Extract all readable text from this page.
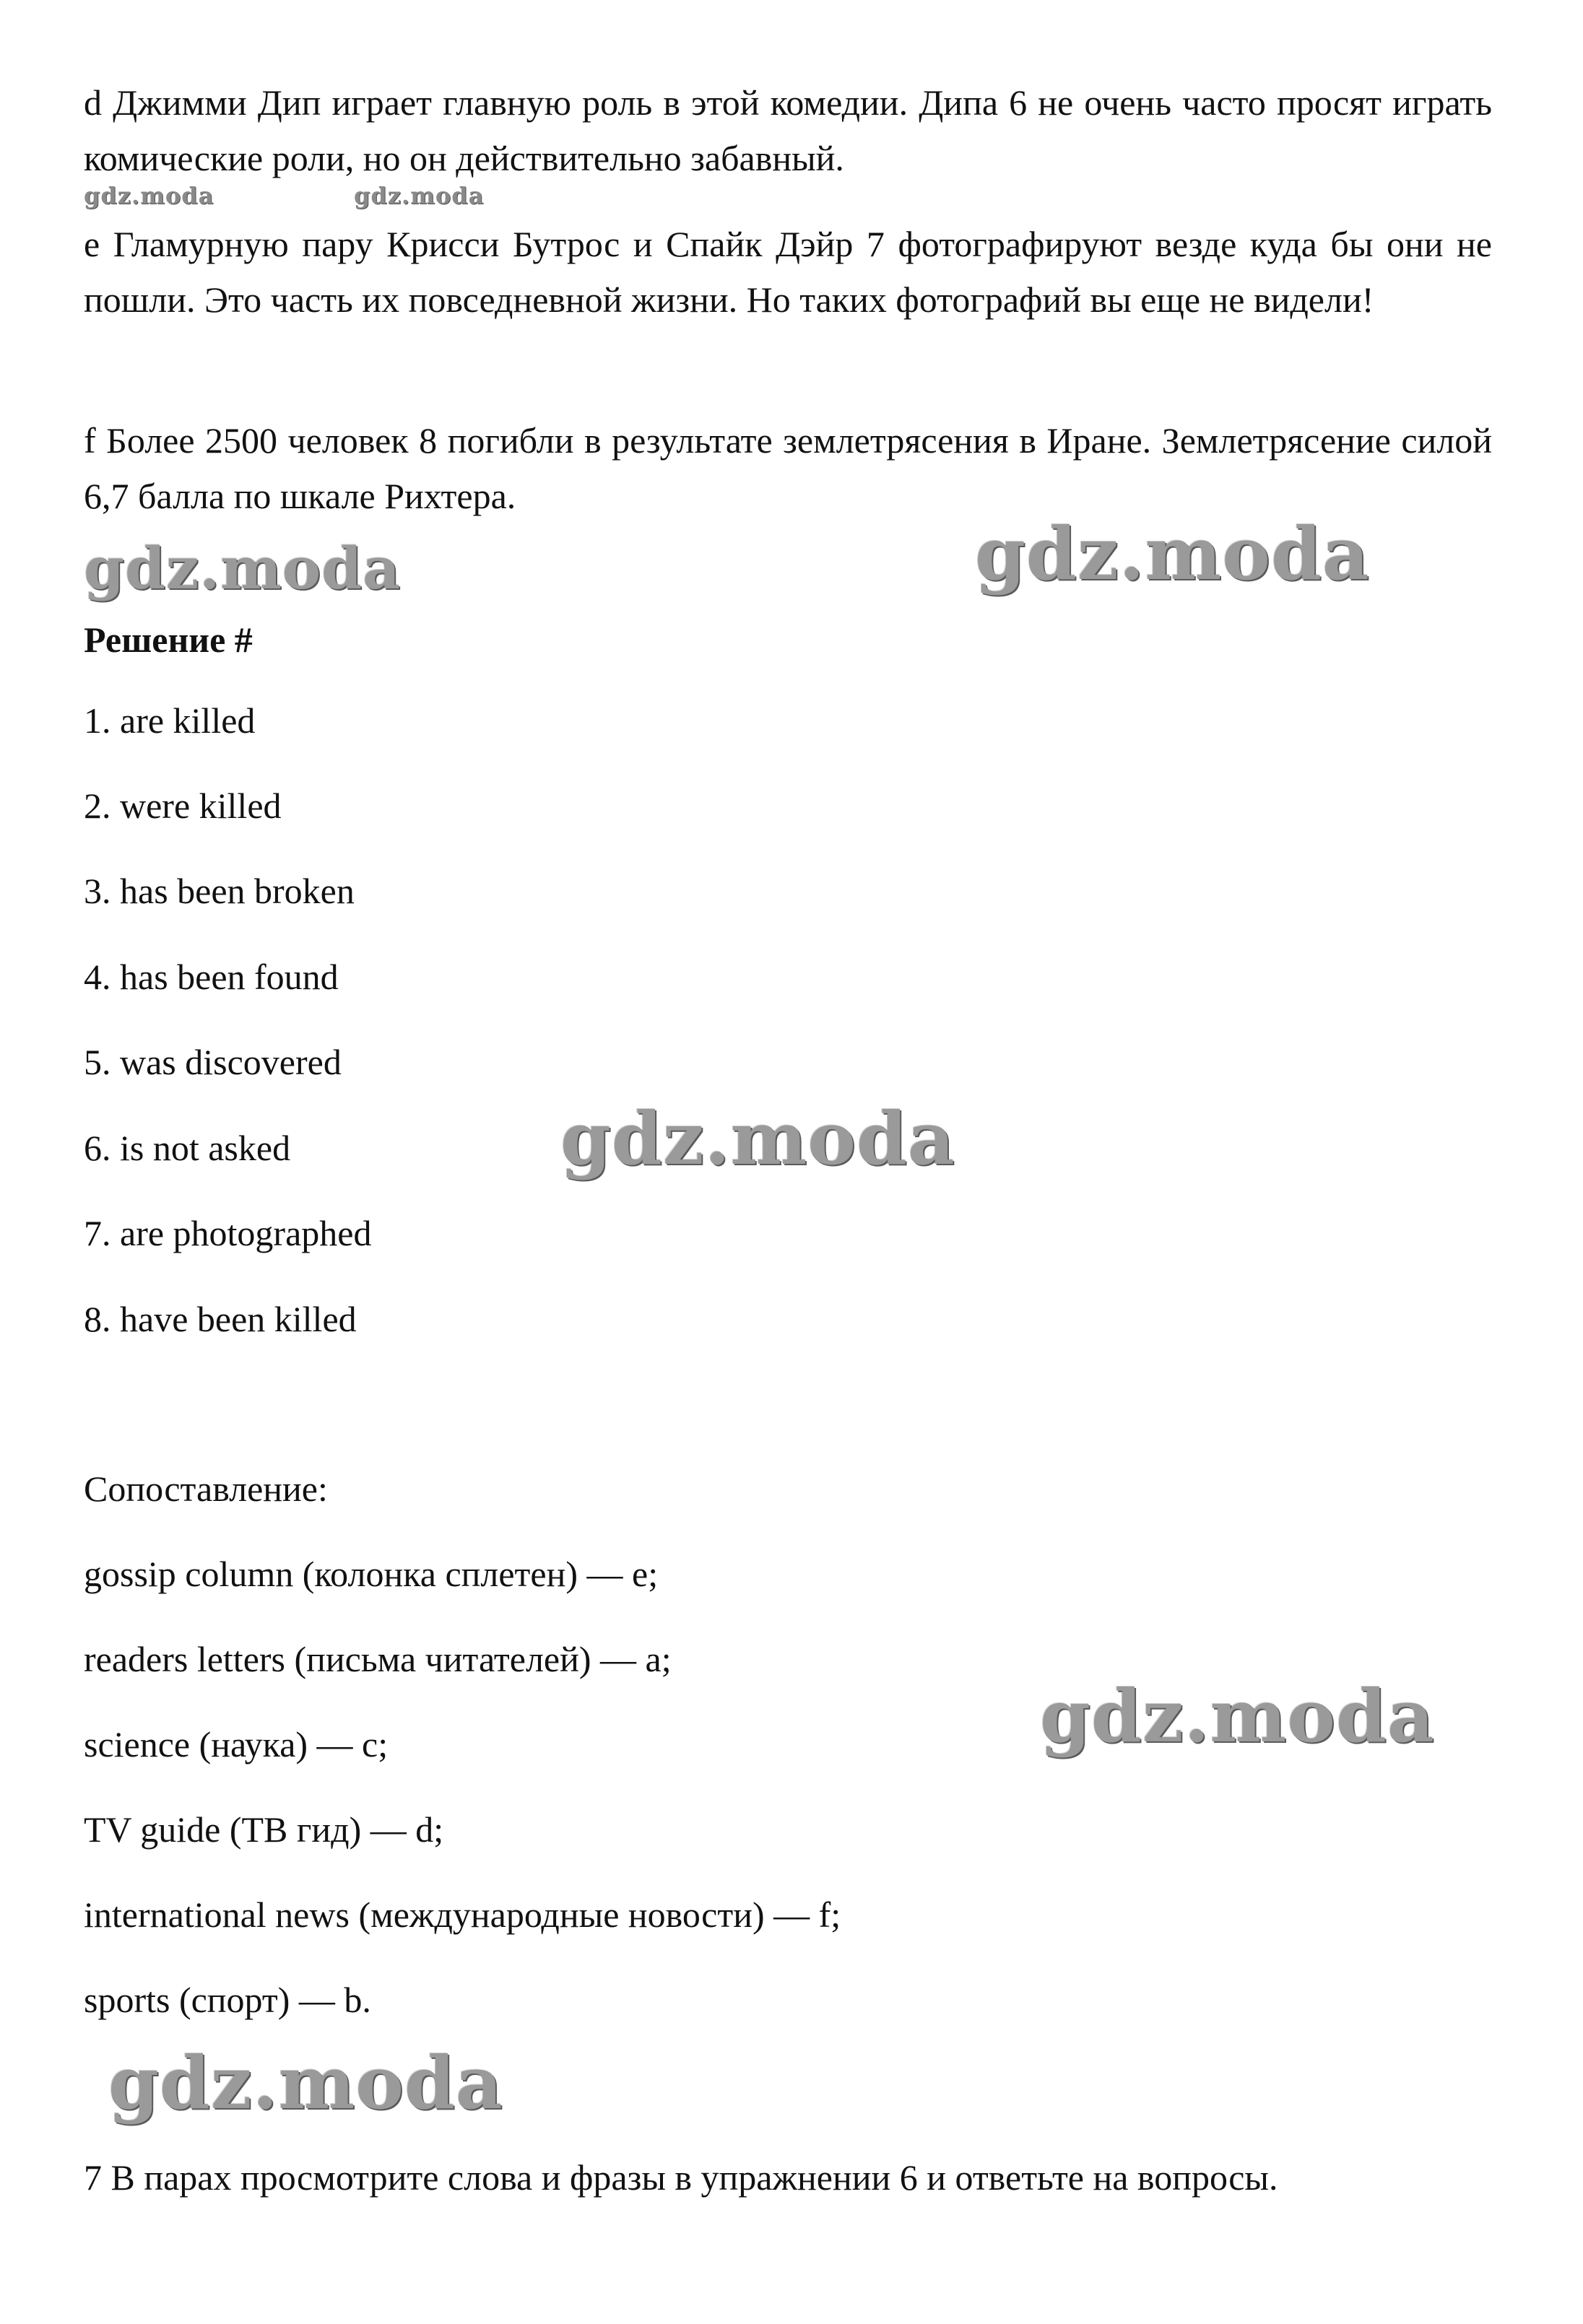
d Джимми Дип играет главную роль в этой комедии. Дипа 6 не очень часто просят играть комические роли, но он действительно забавный.

gdz.moda	gdz.moda

e Гламурную пару Крисси Бутрос и Спайк Дэйр 7 фотографируют везде куда бы они не пошли. Это часть их повседневной жизни. Но таких фотографий вы еще не видели!

f Более 2500 человек 8 погибли в результате землетрясения в Иране. Землетрясение силой 6,7 балла по шкале Рихтера.

gdz.moda	gdz.moda

Решение #

1. are killed

2. were killed

3. has been broken

4. has been found

5. was discovered

6. is not asked

7. are photographed

8. have been killed

gdz.moda

Сопоставление:

gossip column (колонка сплетен) — e;

readers letters (письма читателей) — a;

science (наука) — c;

TV guide (ТВ гид) — d;

international news (международные новости) — f;

sports (спорт) — b.

gdz.moda
gdz.moda

7 В парах просмотрите слова и фразы в упражнении 6 и ответьте на вопросы.
